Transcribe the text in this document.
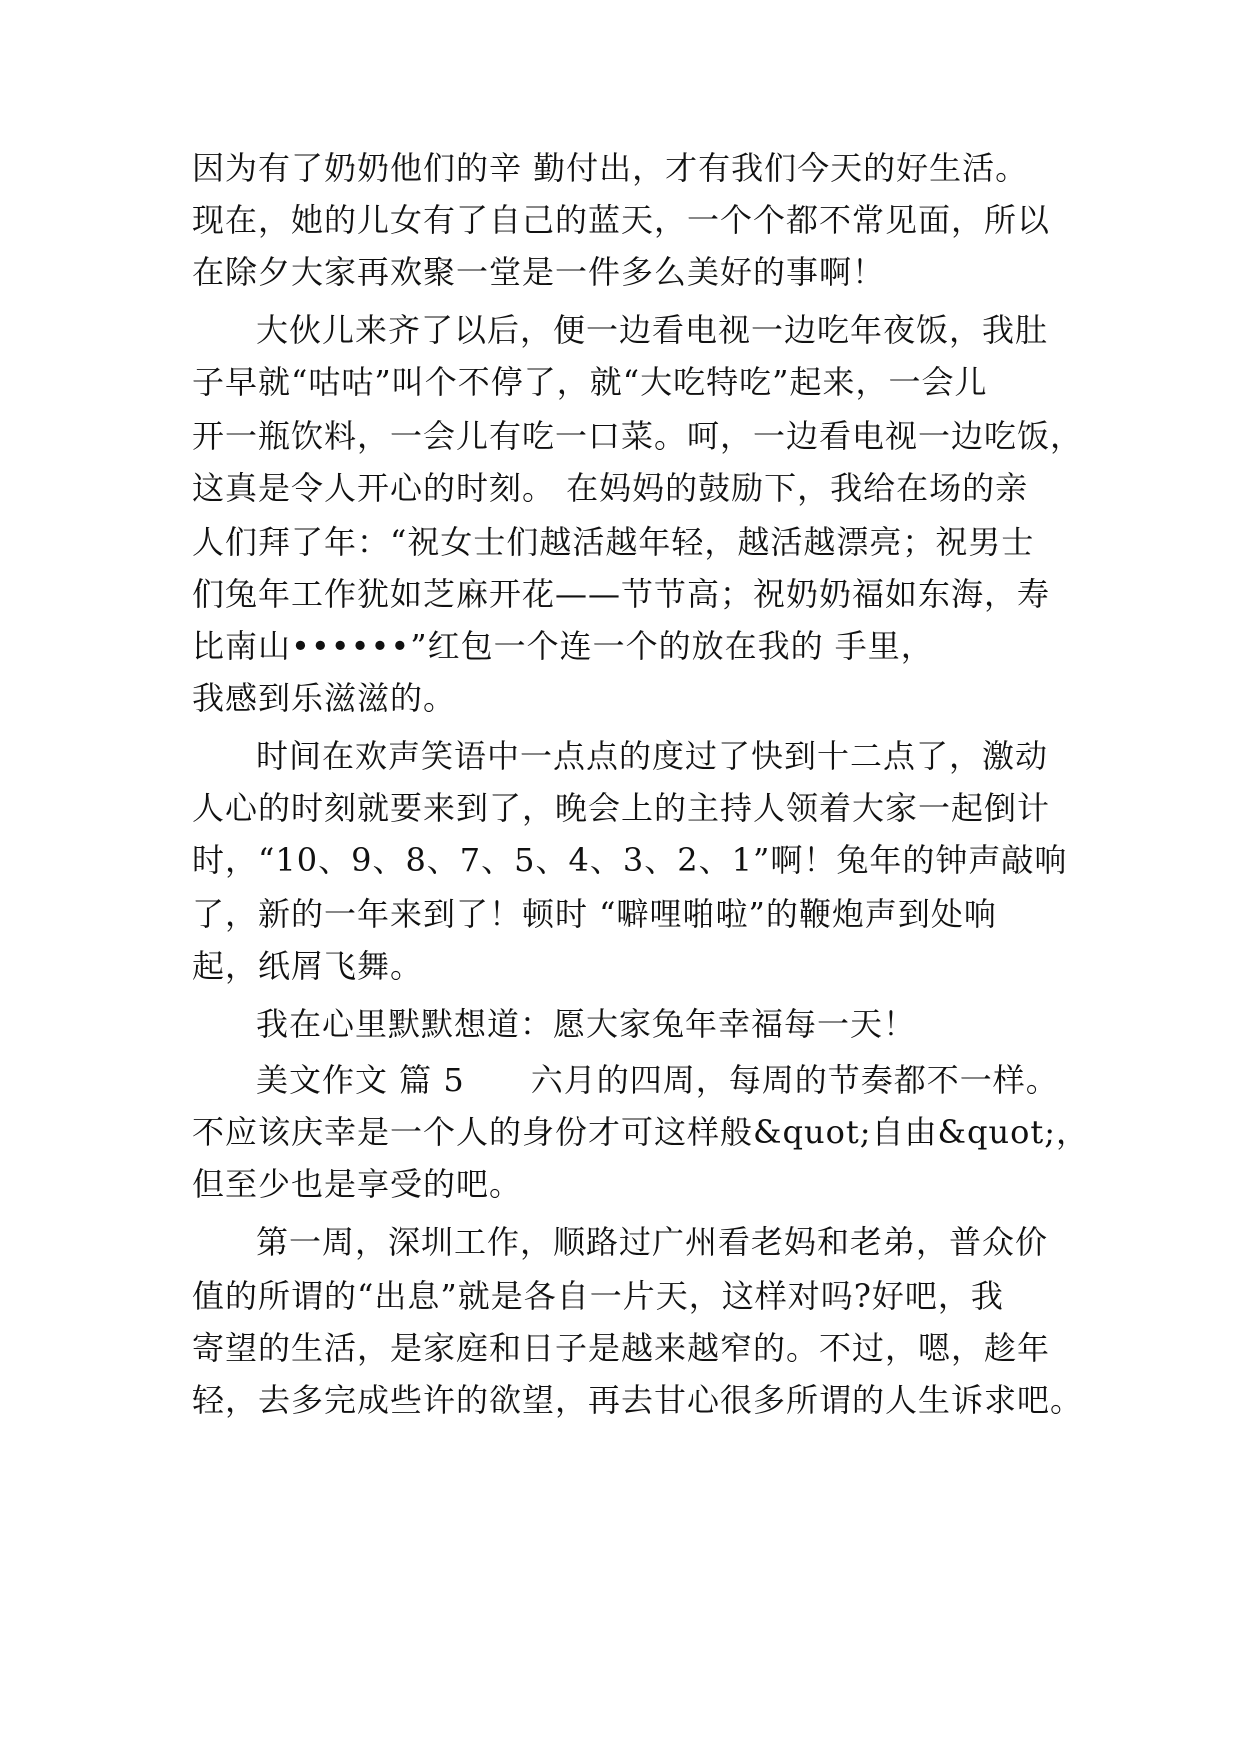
因为有了奶奶他们的辛 勤付出，才有我们今天的好生活。
现在，她的儿女有了自己的蓝天，一个个都不常见面，所以
在除夕大家再欢聚一堂是一件多么美好的事啊！
大伙儿来齐了以后，便一边看电视一边吃年夜饭，我肚
子早就“咕咕”叫个不停了，就“大吃特吃”起来，一会儿
开一瓶饮料，一会儿有吃一口菜。呵，一边看电视一边吃饭，
这真是令人开心的时刻。 在妈妈的鼓励下，我给在场的亲
人们拜了年：“祝女士们越活越年轻，越活越漂亮；祝男士
们兔年工作犹如芝麻开花——节节高；祝奶奶福如东海，寿
比南山••••••”红包一个连一个的放在我的 手里，
我感到乐滋滋的。
时间在欢声笑语中一点点的度过了快到十二点了，激动
人心的时刻就要来到了，晚会上的主持人领着大家一起倒计
时，“10、9、8、7、5、4、3、2、1”啊！兔年的钟声敲响
了，新的一年来到了！顿时 “噼哩啪啦”的鞭炮声到处响
起，纸屑飞舞。
我在心里默默想道：愿大家兔年幸福每一天！
美文作文 篇 5　　六月的四周，每周的节奏都不一样。
不应该庆幸是一个人的身份才可这样般&quot;自由&quot;，
但至少也是享受的吧。
第一周，深圳工作，顺路过广州看老妈和老弟，普众价
值的所谓的“出息”就是各自一片天，这样对吗?好吧，我
寄望的生活，是家庭和日子是越来越窄的。不过，嗯，趁年
轻，去多完成些许的欲望，再去甘心很多所谓的人生诉求吧。
